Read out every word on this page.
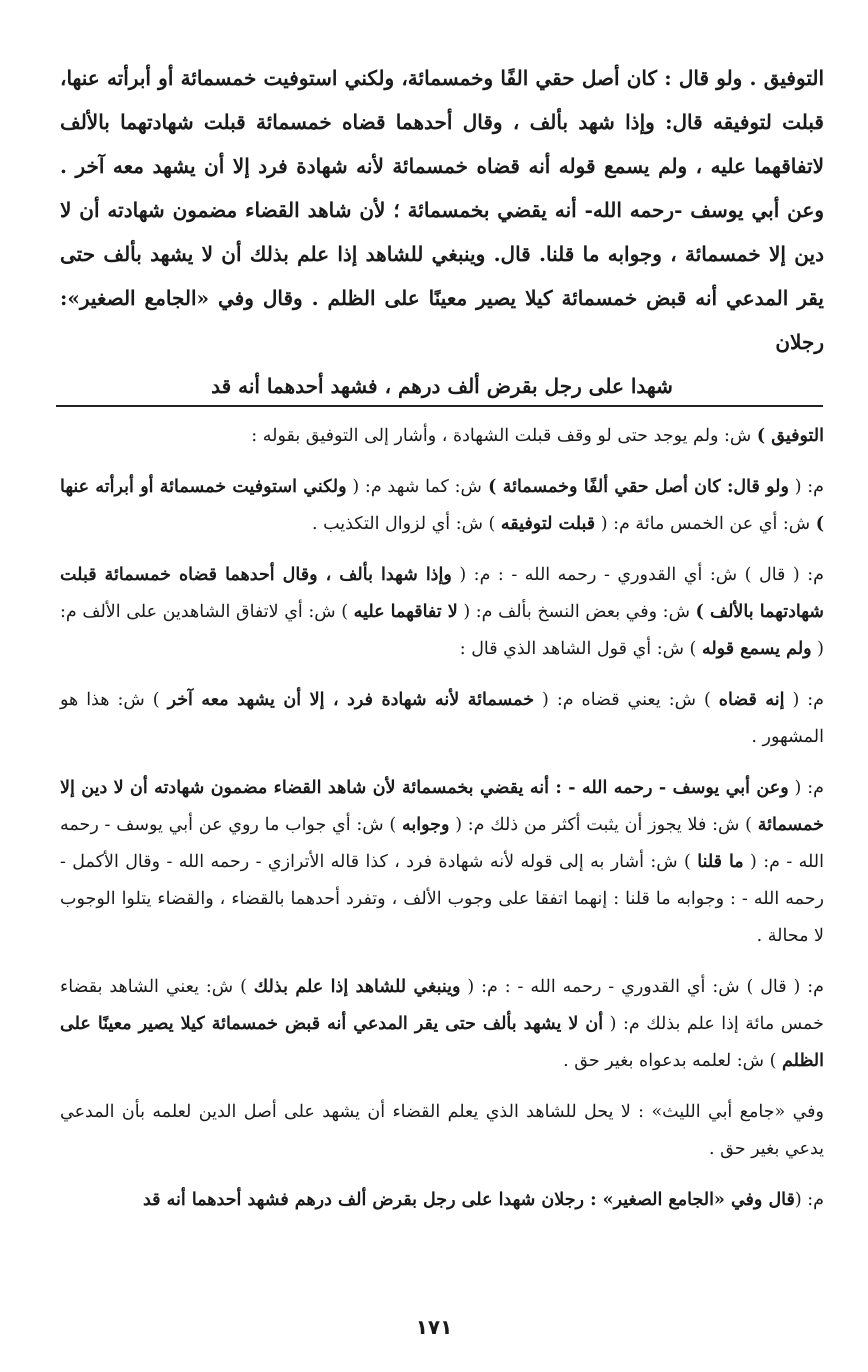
التوفيق . ولو قال : كان أصل حقي الفًا وخمسمائة، ولكني استوفيت خمسمائة أو أبرأته عنها، قبلت لتوفيقه قال: وإذا شهد بألف ، وقال أحدهما قضاه خمسمائة قبلت شهادتهما بالألف لاتفاقهما عليه ، ولم يسمع قوله أنه قضاه خمسمائة لأنه شهادة فرد إلا أن يشهد معه آخر . وعن أبي يوسف -رحمه الله- أنه يقضي بخمسمائة ؛ لأن شاهد القضاء مضمون شهادته أن لا دين إلا خمسمائة ، وجوابه ما قلنا. قال. وينبغي للشاهد إذا علم بذلك أن لا يشهد بألف حتى يقر المدعي أنه قبض خمسمائة كيلا يصير معينًا على الظلم . وقال وفي «الجامع الصغير»: رجلان
شهدا على رجل بقرض ألف درهم ، فشهد أحدهما أنه قد

التوفيق ) ش: ولم يوجد حتى لو وقف قبلت الشهادة ، وأشار إلى التوفيق بقوله :

م: ( ولو قال: كان أصل حقي ألفًا وخمسمائة ) ش: كما شهد م: ( ولكني استوفيت خمسمائة أو أبرأته عنها ) ش: أي عن الخمس مائة م: ( قبلت لتوفيقه ) ش: أي لزوال التكذيب .

م: ( قال ) ش: أي القدوري - رحمه الله - : م: ( وإذا شهدا بألف ، وقال أحدهما قضاه خمسمائة قبلت شهادتهما بالألف ) ش: وفي بعض النسخ بألف م: ( لا تفاقهما عليه ) ش: أي لاتفاق الشاهدين على الألف م: ( ولم يسمع قوله ) ش: أي قول الشاهد الذي قال :

م: ( إنه قضاه ) ش: يعني قضاه م: ( خمسمائة لأنه شهادة فرد ، إلا أن يشهد معه آخر ) ش: هذا هو المشهور .

م: ( وعن أبي يوسف - رحمه الله - : أنه يقضي بخمسمائة لأن شاهد القضاء مضمون شهادته أن لا دين إلا خمسمائة ) ش: فلا يجوز أن يثبت أكثر من ذلك م: ( وجوابه ) ش: أي جواب ما روي عن أبي يوسف - رحمه الله - م: ( ما قلنا ) ش: أشار به إلى قوله لأنه شهادة فرد ، كذا قاله الأترازي - رحمه الله - وقال الأكمل - رحمه الله - : وجوابه ما قلنا : إنهما اتفقا على وجوب الألف ، وتفرد أحدهما بالقضاء ، والقضاء يتلوا الوجوب لا محالة .

م: ( قال ) ش: أي القدوري - رحمه الله - : م: ( وينبغي للشاهد إذا علم بذلك ) ش: يعني الشاهد بقضاء خمس مائة إذا علم بذلك م: ( أن لا يشهد بألف حتى يقر المدعي أنه قبض خمسمائة كيلا يصير معينًا على الظلم ) ش: لعلمه بدعواه بغير حق .

وفي «جامع أبي الليث» : لا يحل للشاهد الذي يعلم القضاء أن يشهد على أصل الدين لعلمه بأن المدعي يدعي بغير حق .

م: (قال وفي «الجامع الصغير» : رجلان شهدا على رجل بقرض ألف درهم فشهد أحدهما أنه قد

١٧١
